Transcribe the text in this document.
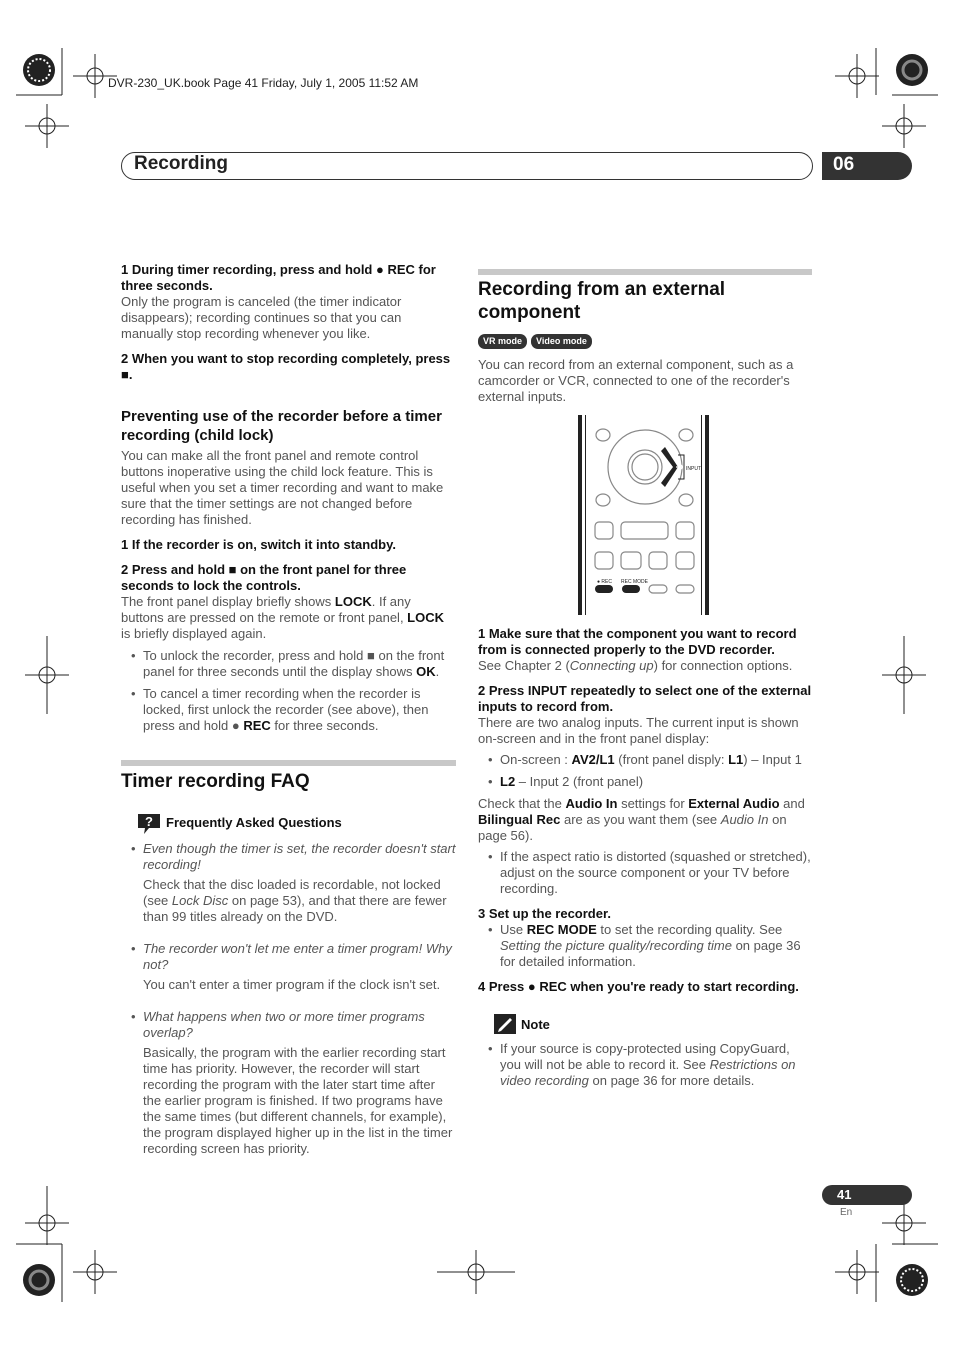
DVR-230_UK.book Page 41 Friday, July 1, 2005 11:52 AM
Recording	06

1 During timer recording, press and hold ● REC for three seconds.

Only the program is canceled (the timer indicator disappears); recording continues so that you can manually stop recording whenever you like.

2 When you want to stop recording completely, press ■.

Preventing use of the recorder before a timer recording (child lock)

You can make all the front panel and remote control buttons inoperative using the child lock feature. This is useful when you set a timer recording and want to make sure that the timer settings are not changed before recording has finished.

1 If the recorder is on, switch it into standby.

2 Press and hold ■ on the front panel for three seconds to lock the controls.

The front panel display briefly shows LOCK. If any buttons are pressed on the remote or front panel, LOCK is briefly displayed again.

• To unlock the recorder, press and hold ■ on the front panel for three seconds until the display shows OK.
• To cancel a timer recording when the recorder is locked, first unlock the recorder (see above), then press and hold ● REC for three seconds.
Timer recording FAQ
? Frequently Asked Questions

• Even though the timer is set, the recorder doesn't start recording!

Check that the disc loaded is recordable, not locked (see Lock Disc on page 53), and that there are fewer than 99 titles already on the DVD.

• The recorder won't let me enter a timer program! Why not?

You can't enter a timer program if the clock isn't set.

• What happens when two or more timer programs overlap?

Basically, the program with the earlier recording start time has priority. However, the recorder will start recording the program with the later start time after the earlier program is finished. If two programs have the same times (but different channels, for example), the program displayed higher up in the list in the timer recording screen has priority.

Recording from an external component
VR mode Video mode

You can record from an external component, such as a camcorder or VCR, connected to one of the recorder's external inputs.

INPUT
● REC REC MODE

1 Make sure that the component you want to record from is connected properly to the DVD recorder.

See Chapter 2 (Connecting up) for connection options.

2 Press INPUT repeatedly to select one of the external inputs to record from.

There are two analog inputs. The current input is shown on-screen and in the front panel display:

• On-screen : AV2/L1 (front panel disply: L1) – Input 1
• L2 – Input 2 (front panel)

Check that the Audio In settings for External Audio and Bilingual Rec are as you want them (see Audio In on page 56).

• If the aspect ratio is distorted (squashed or stretched), adjust on the source component or your TV before recording.

3 Set up the recorder.

• Use REC MODE to set the recording quality. See Setting the picture quality/recording time on page 36 for detailed information.

4 Press ● REC when you're ready to start recording.

Note
• If your source is copy-protected using CopyGuard, you will not be able to record it. See Restrictions on video recording on page 36 for more details.
41
En
